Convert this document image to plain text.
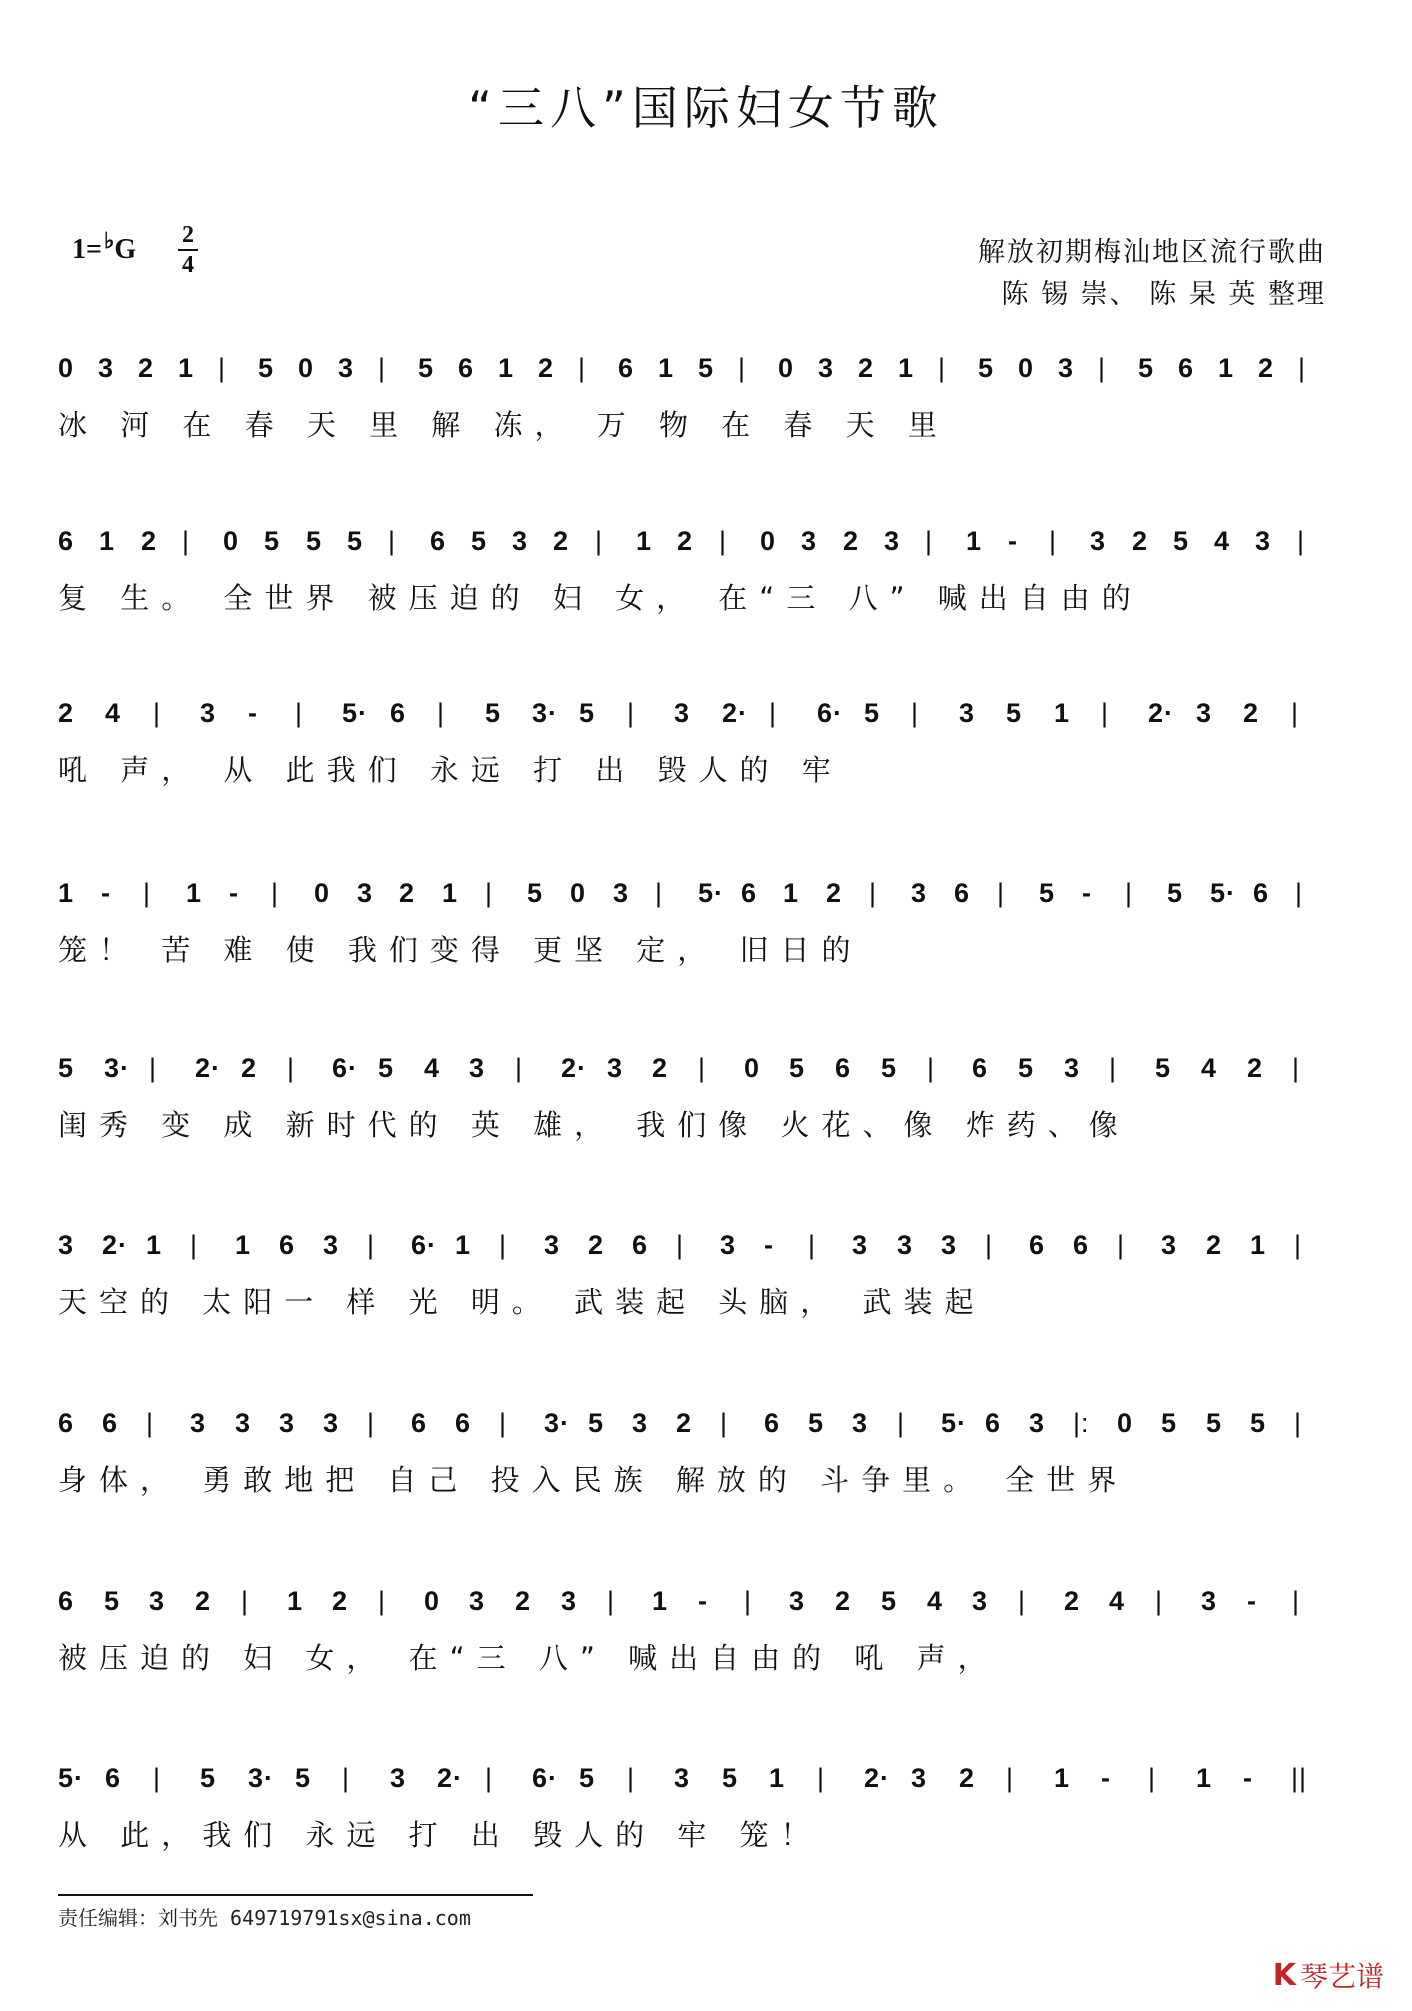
“三八”国际妇女节歌
1=♭G 2
4	解放初期梅汕地区流行歌曲
陈 锡 崇、 陈 杲 英 整理
0 3 2 1 | 5 0 3 | 5 6 1 2 | 6 1 5 | 0 3 2 1 | 5 0 3 | 5 6 1 2 |
冰 河 在 春 天 里 解 冻， 万 物 在 春 天 里
6 1 2 | 0 5 5 5 | 6 5 3 2 | 1 2 | 0 3 2 3 | 1 - | 3 2 5 4 3 |
复 生。 全世界 被压迫的 妇 女， 在“三 八” 喊出自由的
2 4 | 3 - | 5· 6 | 5 3· 5 | 3 2· | 6· 5 | 3 5 1 | 2· 3 2 |
吼 声， 从 此我们 永远 打 出 毁人的 牢
1 - | 1 - | 0 3 2 1 | 5 0 3 | 5· 6 1 2 | 3 6 | 5 - | 5 5· 6 |
笼！ 苦 难 使 我们变得 更坚 定， 旧日的
5 3· | 2· 2 | 6· 5 4 3 | 2· 3 2 | 0 5 6 5 | 6 5 3 | 5 4 2 |
闺秀 变 成 新时代的 英 雄， 我们像 火花、像 炸药、像
3 2· 1 | 1 6 3 | 6· 1 | 3 2 6 | 3 - | 3 3 3 | 6 6 | 3 2 1 |
天空的 太阳一 样 光 明。 武装起 头脑， 武装起
6 6 | 3 3 3 3 | 6 6 | 3· 5 3 2 | 6 5 3 | 5· 6 3 |: 0 5 5 5 |
身体， 勇敢地把 自己 投入民族 解放的 斗争里。 全世界
6 5 3 2 | 1 2 | 0 3 2 3 | 1 - | 3 2 5 4 3 | 2 4 | 3 - |
被压迫的 妇 女， 在“三 八” 喊出自由的 吼 声，
5· 6 | 5 3· 5 | 3 2· | 6· 5 | 3 5 1 | 2· 3 2 | 1 - | 1 - ||
从 此，我们 永远 打 出 毁人的 牢 笼！
责任编辑：刘书先 649719791sx@sina.com
K 琴艺谱
